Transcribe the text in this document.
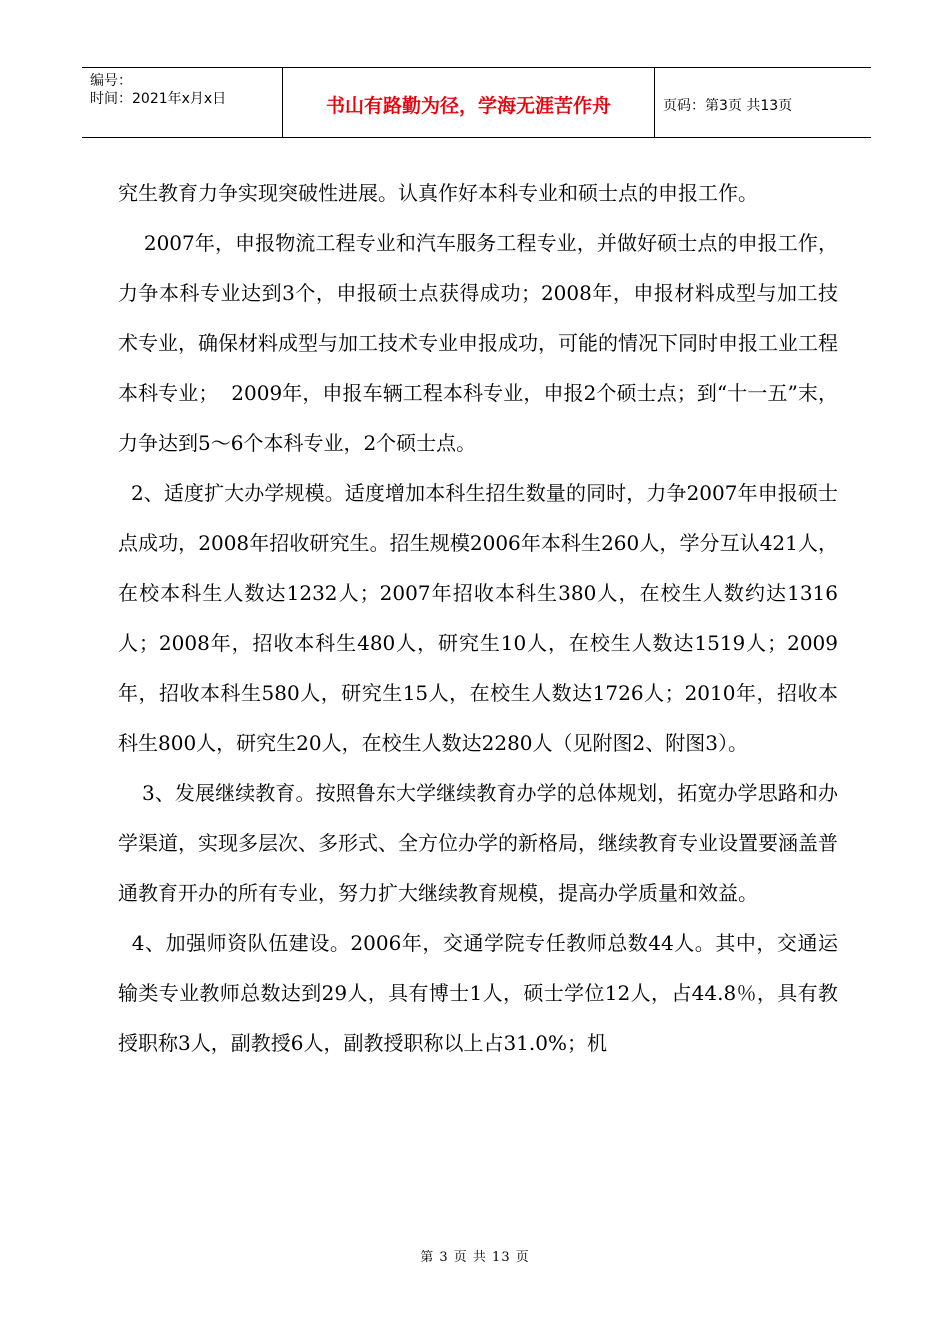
编号：
时间：2021年x月x日	书山有路勤为径，学海无涯苦作舟	页码：第3页 共13页

究生教育力争实现突破性进展。认真作好本科专业和硕士点的申报工作。

2007年，申报物流工程专业和汽车服务工程专业，并做好硕士点的申报工作，力争本科专业达到3个，申报硕士点获得成功；2008年，申报材料成型与加工技术专业，确保材料成型与加工技术专业申报成功，可能的情况下同时申报工业工程本科专业；  2009年，申报车辆工程本科专业，申报2个硕士点；到“十一五”末，力争达到5～6个本科专业，2个硕士点。

2、适度扩大办学规模。适度增加本科生招生数量的同时，力争2007年申报硕士点成功，2008年招收研究生。招生规模2006年本科生260人，学分互认421人，在校本科生人数达1232人；2007年招收本科生380人，在校生人数约达1316人；2008年，招收本科生480人，研究生10人，在校生人数达1519人；2009年，招收本科生580人，研究生15人，在校生人数达1726人；2010年，招收本科生800人，研究生20人，在校生人数达2280人（见附图2、附图3）。

3、发展继续教育。按照鲁东大学继续教育办学的总体规划，拓宽办学思路和办学渠道，实现多层次、多形式、全方位办学的新格局，继续教育专业设置要涵盖普通教育开办的所有专业，努力扩大继续教育规模，提高办学质量和效益。

4、加强师资队伍建设。2006年，交通学院专任教师总数44人。其中，交通运输类专业教师总数达到29人，具有博士1人，硕士学位12人，占44.8％，具有教授职称3人，副教授6人，副教授职称以上占31.0%；机

第 3 页 共 13 页
